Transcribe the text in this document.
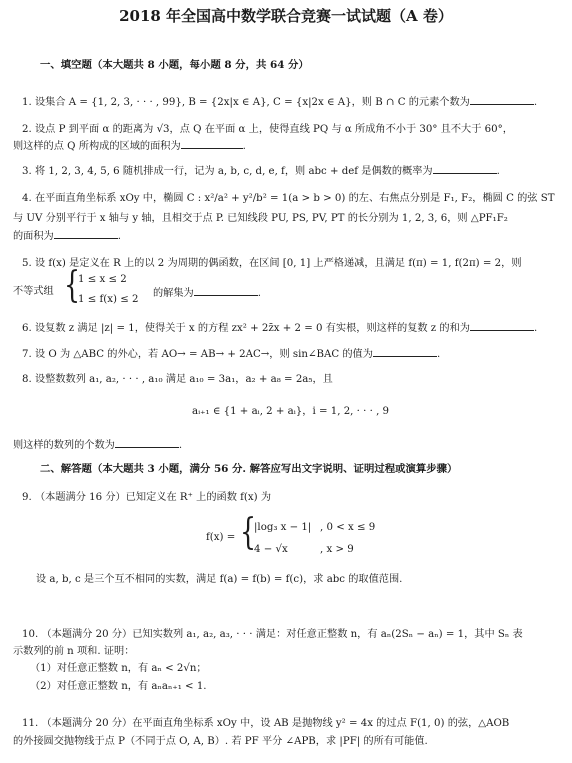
2018 年全国高中数学联合竞赛一试试题（A 卷）
一、填空题（本大题共 8 小题，每小题 8 分，共 64 分）
1. 设集合 A = {1, 2, 3, · · · , 99}, B = {2x|x ∈ A}, C = {x|2x ∈ A}，则 B ∩ C 的元素个数为	.
2. 设点 P 到平面 α 的距离为 √3，点 Q 在平面 α 上，使得直线 PQ 与 α 所成角不小于 30° 且不大于 60°，
则这样的点 Q 所构成的区域的面积为	.
3. 将 1, 2, 3, 4, 5, 6 随机排成一行，记为 a, b, c, d, e, f，则 abc + def 是偶数的概率为	.
4. 在平面直角坐标系 xOy 中，椭圆 C : x²/a² + y²/b² = 1(a > b > 0) 的左、右焦点分别是 F₁, F₂，椭圆 C 的弦 ST
与 UV 分别平行于 x 轴与 y 轴，且相交于点 P. 已知线段 PU, PS, PV, PT 的长分别为 1, 2, 3, 6，则 △PF₁F₂
的面积为	.
5. 设 f(x) 是定义在 R 上的以 2 为周期的偶函数，在区间 [0, 1] 上严格递减，且满足 f(π) = 1, f(2π) = 2，则
不等式组 {
1 ≤ x ≤ 2
1 ≤ f(x) ≤ 2
的解集为	.
6. 设复数 z 满足 |z| = 1，使得关于 x 的方程 zx² + 2z̄x + 2 = 0 有实根，则这样的复数 z 的和为	.
7. 设 O 为 △ABC 的外心，若 AO→ = AB→ + 2AC→，则 sin∠BAC 的值为	.
8. 设整数数列 a₁, a₂, · · · , a₁₀ 满足 a₁₀ = 3a₁，a₂ + a₈ = 2a₅，且
aᵢ₊₁ ∈ {1 + aᵢ, 2 + aᵢ}，i = 1, 2, · · · , 9
则这样的数列的个数为	.
二、解答题（本大题共 3 小题，满分 56 分. 解答应写出文字说明、证明过程或演算步骤）
9. （本题满分 16 分）已知定义在 R⁺ 上的函数 f(x) 为
f(x) = {
|log₃ x − 1| , 0 < x ≤ 9
4 − √x	, x > 9
设 a, b, c 是三个互不相同的实数，满足 f(a) = f(b) = f(c)，求 abc 的取值范围.
10. （本题满分 20 分）已知实数列 a₁, a₂, a₃, · · · 满足：对任意正整数 n，有 aₙ(2Sₙ − aₙ) = 1，其中 Sₙ 表
示数列的前 n 项和. 证明：
（1）对任意正整数 n，有 aₙ < 2√n；
（2）对任意正整数 n，有 aₙaₙ₊₁ < 1.
11. （本题满分 20 分）在平面直角坐标系 xOy 中，设 AB 是抛物线 y² = 4x 的过点 F(1, 0) 的弦，△AOB
的外接圆交抛物线于点 P（不同于点 O, A, B）. 若 PF 平分 ∠APB，求 |PF| 的所有可能值.
